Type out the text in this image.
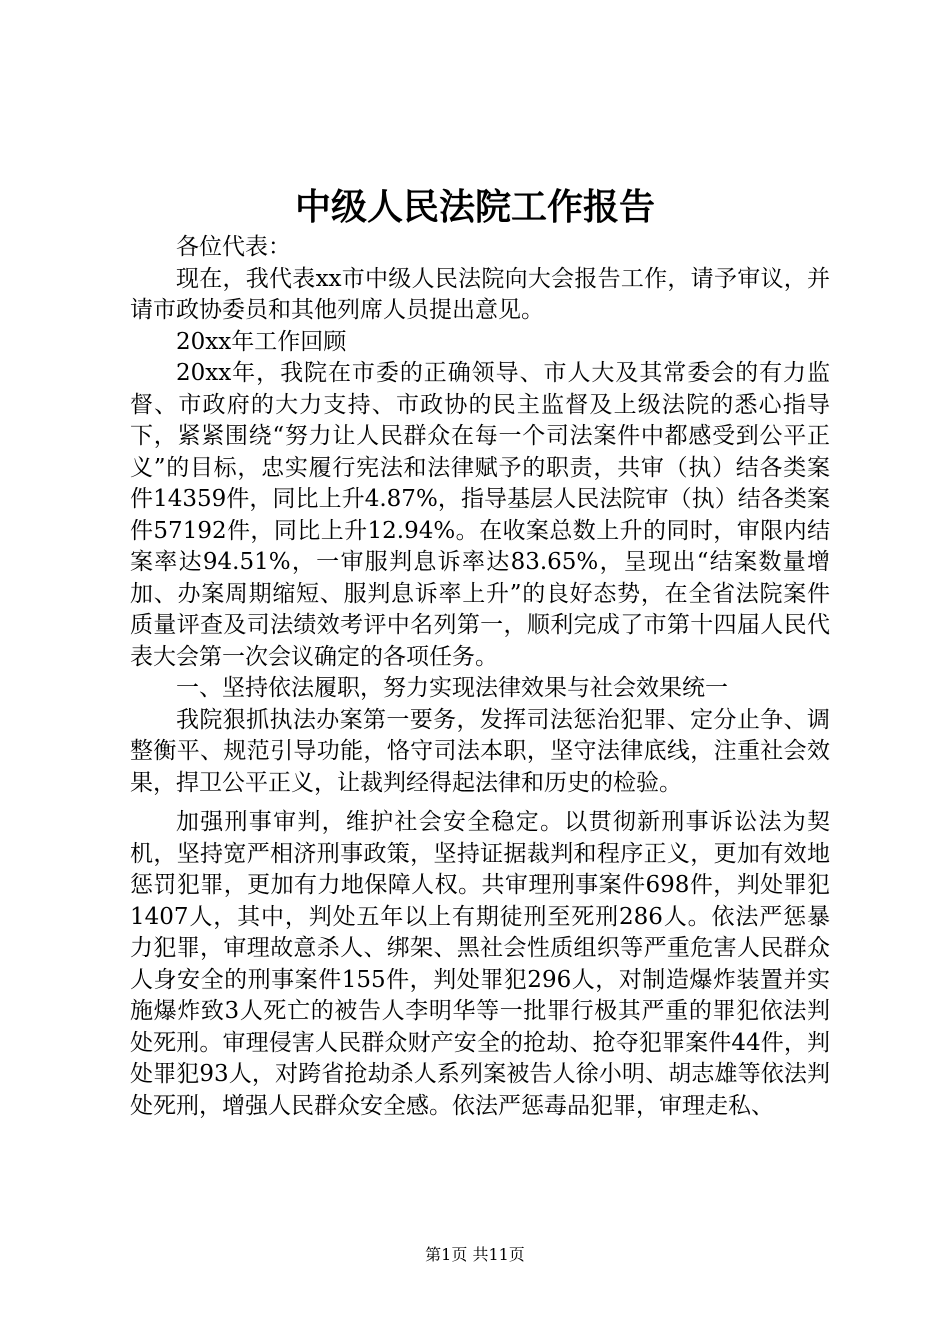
中级人民法院工作报告

各位代表：

现在，我代表xx市中级人民法院向大会报告工作，请予审议，并请市政协委员和其他列席人员提出意见。

20xx年工作回顾

20xx年，我院在市委的正确领导、市人大及其常委会的有力监督、市政府的大力支持、市政协的民主监督及上级法院的悉心指导下，紧紧围绕“努力让人民群众在每一个司法案件中都感受到公平正义”的目标，忠实履行宪法和法律赋予的职责，共审（执）结各类案件14359件，同比上升4.87%，指导基层人民法院审（执）结各类案件57192件，同比上升12.94%。在收案总数上升的同时，审限内结案率达94.51%，一审服判息诉率达83.65%，呈现出“结案数量增加、办案周期缩短、服判息诉率上升”的良好态势，在全省法院案件质量评查及司法绩效考评中名列第一，顺利完成了市第十四届人民代表大会第一次会议确定的各项任务。

一、坚持依法履职，努力实现法律效果与社会效果统一

我院狠抓执法办案第一要务，发挥司法惩治犯罪、定分止争、调整衡平、规范引导功能，恪守司法本职，坚守法律底线，注重社会效果，捍卫公平正义，让裁判经得起法律和历史的检验。

加强刑事审判，维护社会安全稳定。以贯彻新刑事诉讼法为契机，坚持宽严相济刑事政策，坚持证据裁判和程序正义，更加有效地惩罚犯罪，更加有力地保障人权。共审理刑事案件698件，判处罪犯1407人，其中，判处五年以上有期徒刑至死刑286人。依法严惩暴力犯罪，审理故意杀人、绑架、黑社会性质组织等严重危害人民群众人身安全的刑事案件155件，判处罪犯296人，对制造爆炸装置并实施爆炸致3人死亡的被告人李明华等一批罪行极其严重的罪犯依法判处死刑。审理侵害人民群众财产安全的抢劫、抢夺犯罪案件44件，判处罪犯93人，对跨省抢劫杀人系列案被告人徐小明、胡志雄等依法判处死刑，增强人民群众安全感。依法严惩毒品犯罪，审理走私、

第1页 共11页
